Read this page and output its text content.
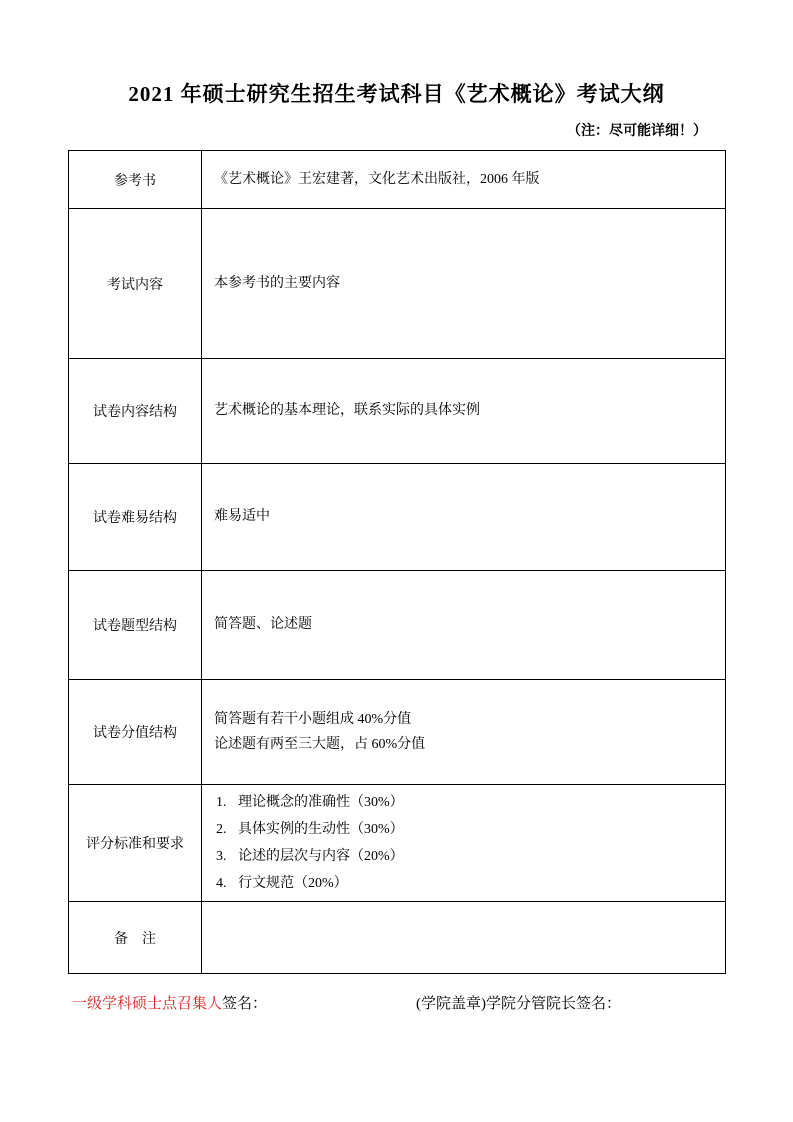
2021 年硕士研究生招生考试科目《艺术概论》考试大纲
（注：尽可能详细！）
参考书	《艺术概论》王宏建著，文化艺术出版社，2006 年版
考试内容	本参考书的主要内容
试卷内容结构	艺术概论的基本理论，联系实际的具体实例
试卷难易结构	难易适中
试卷题型结构	简答题、论述题
试卷分值结构	简答题有若干小题组成 40%分值
论述题有两至三大题，占 60%分值

评分标准和要求	
1. 理论概念的准确性（30%）
2. 具体实例的生动性（30%）
3. 论述的层次与内容（20%）
4. 行文规范（20%）

备　注	
一级学科硕士点召集人签名：	(学院盖章)学院分管院长签名：
